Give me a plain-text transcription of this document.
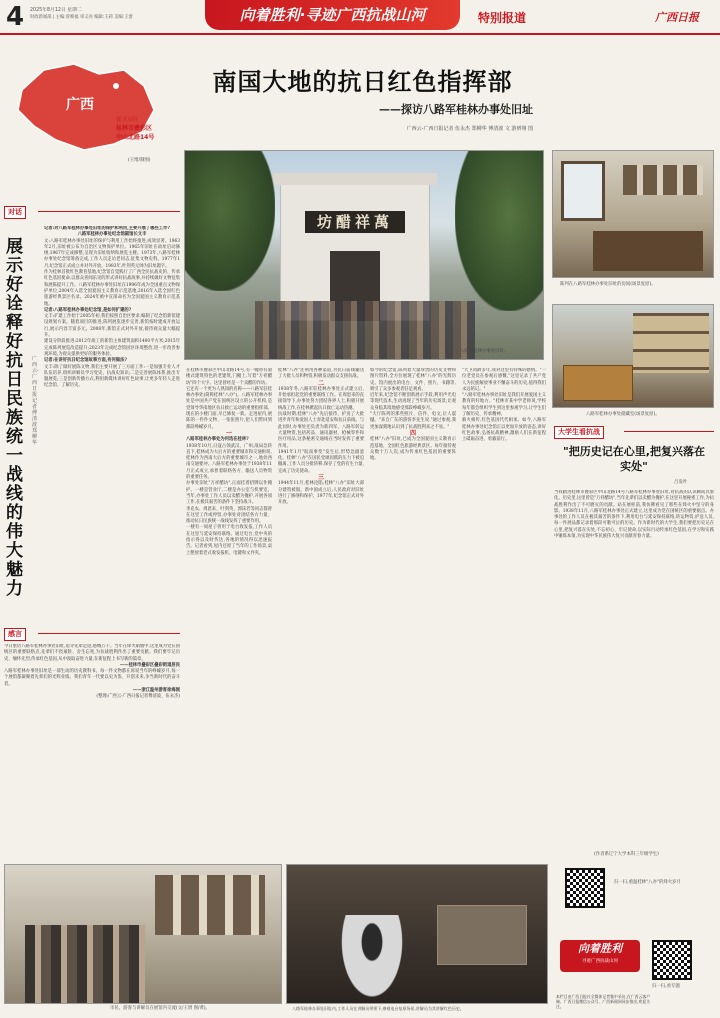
4 2025年8月12日 星期二
时政新闻部 | 主编:曾映福 审义亮 编辑:王莉 美编:王蕾	向着胜利·寻迹广西抗战山河	特别报道	广西日报
广西
探寻点位
桂林市叠彩区
中山北路14号
(王增/制图)
南国大地的抗日红色指挥部
——探访八路军桂林办事处旧址
广西云-广西日报记者 伍永杰 郑柳华 傅清波 文 游赟翔 图
对话
展示好诠释好抗日民族统一战线的伟大魅力
广西云-广西日报记者 傅清波 郑柳华

记者:对八路军桂林办事处旧址的保护和利用,主要开展了哪些工作?

八路军桂林办事处纪念馆副馆长文丰

文:八路军桂林办事处旧址的保护与利用工作始终推进,成效显著。1963年2月,旧址被公布为自治区文物保护单位。1965年旧址在故址启动修缮,1967年完成修整,呈现为旧址收纳和展览主楼。1973年,八路军桂林办事处纪念馆筹备完成,工作人员走访老同志,征集文物史料。1977年1月,纪念馆正式成立并对外开放。1983年,叶剑英元帅为旧址题字。

作为桂林首批红色教育基地,纪念馆自觉践行了广西全民抗战史的、传承红色基因使命,以群众喜闻乐见的形式讲好抗战故事,并持续做好文物征集和展陈提升工作。八路军桂林办事处旧址在1996年成为全国重点文物保护单位,2004年入选全国爱国主义教育示范基地,2016年入选全国红色旅游经典景区名录。2024年被中宣部命名为全国爱国主义教育示范基地。

记者:八路军桂林办事处纪念馆,是如何扩建的?

文丰:扩建工作始于2005年初,我们按照自治区要求,编制了纪念馆新馆建设规划方案。随着项目的推进,陈列展览逐步完善,新馆按时建成开放运行,展示内容丰富多元。2008年,新馆正式对外开放,接待观众量大幅提升。

建设分阶段推进:2012年竣工的新馆主体建筑面积1400平方米;2015年完成陈列展览改造提升;2023年完成纪念馆园区环境整治,进一步改善参观环境,为观众提供更好的服务体验。

记者:在讲好抗日纪念馆故事方面,有何做法?

文丰:除了做好展陈文物,我们主要开展了三方面工作:一是加强专业人才队伍培养,组织讲解员学习党史、抗战史知识;二是完善展陈体系,推出专题展览;三是创新传播方式,利用新媒体讲好红色故事,让更多年轻人走进纪念馆、了解历史。

感言

今日重访八路军桂林办事处旧址,追寻先辈足迹,感慨万千。当年在烽火硝烟中,这里成为党在国统区的重要联络点,先辈们不畏艰险、舍生忘死,为抗战胜利作出了重要贡献。我们要牢记历史、缅怀先烈,传承红色基因,从中汲取奋进力量,在新征程上书写新的篇章。

——桂林市叠彩区叠彩街道居民

八路军桂林办事处旧址是一部生动的历史教科书。每一件文物都在诉说当年的峥嵘岁月,每一个展馆都凝聚着先辈们的光辉业绩。我们青年一代要以史为鉴、开创未来,争当新时代的奋斗者。

——浙江温州游客徐海刚

(整理:广西云-广西日报记者傅清波、伍永杰)

坊醋祥萬
八路军桂林办事处旧址。
陈列在八路军桂林办事处旧址的房间(场景复原)。
八路军桂林办事处储藏室(场景复原)。

在桂林市叠彩区中山北路14号,有一幢带有骑楼式建筑特色的老建筑,门楣上,写着"万祥醋坊"四个大字。这里曾经是一个卖醋的作坊。

它还有一个更为人熟知的名称——八路军驻桂林办事处(简称桂林"八办")。八路军桂林办事处是中国共产党在国统区设立的公开机构,是党领导华南地区抗日救亡运动的重要指挥部。

现在的小楼门面,早已修复一新。走进屋内,展陈的一件件文物、一张张照片,把人们带回到那段峥嵘岁月。

一

八路军桂林办事处为何选在桂林?

1938年10月,日寇占领武汉、广州,战局急转直下,桂林成为大后方的重要城市和交通枢纽,桂林作为西南大后方的重要城市之一,地处西南交通要冲。八路军桂林办事处于1938年11月正式成立,承担着联络各方、输送人员物资的重要任务。

办事处旧址"万祥醋坊",正面挂着招牌以作掩护。一楼是营业厅,二楼是办公室与机要室。当年,办事处工作人员以卖醋为掩护,开展各项工作,在极其艰苦的条件下坚持战斗。

李克农、周恩来、叶剑英、郭沫若等同志都曾在这里工作或停留,办事处对团结各方力量、推动抗日民族统一战线发挥了重要作用。

一楼有一间屋子曾用于电台收发报,工作人员在这里与延安保持联络。通过电台,党中央的指示得以及时传达,各地的情况得以迅速报告。记者看到,屋内还原了当年的工作场景,桌上摆放着老式收发报机、电键和文件夹。

桂林"八办"还利用各种渠道,为抗日前线输送了大批人员和物资,积极发动群众支援抗战。

二

1938年冬,八路军驻桂林办事处正式建立后,开始承担起党的重要联络工作。在周恩来的直接领导下,办事处努力团结各界人士,积极开展统战工作,在桂林掀起抗日救亡运动热潮。

抗战时期,桂林"八办"先后接待、护送了大批进步青年和爱国人士奔赴延安和抗日前线。与此同时,办事处还负责为新四军、八路军转运大量物资,包括药品、通讯器材、枪械零件和医疗用品,这条秘密交通线在当时发挥了重要作用。

1941年1月"皖南事变"发生后,形势急剧恶化。桂林"八办"在国民党顽固派的压力下被迫撤离,工作人员分批转移,保存了党的有生力量,完成了历史使命。

三

1944年11月,桂林沦陷,桂林"八办"旧址大部分建筑被毁。新中国成立后,人民政府对旧址进行了修缮和保护。1977年,纪念馆正式对外开放。

如今的纪念馆,陈列着大量珍贵的历史文物和图片资料,全方位展现了桂林"八办"的光辉历史。馆内展出的电台、文件、照片、书籍等,吸引了众多参观者驻足观看。

近年来,纪念馆不断创新展示手段,利用声光电等现代技术,生动再现了当年的历史场景,让观众身临其境地感受那段峥嵘岁月。

"大厅陈列的那些照片、信件、电文,让人震撼。"来自广东的游客李先生说,"通过参观,我更加深刻地认识到了抗战胜利来之不易。"

四

桂林"八办"旧址,已成为全国爱国主义教育示范基地、全国红色旅游经典景区。每年接待观众数十万人次,成为传承红色基因的重要阵地。

"大卫同龄多年,我对这里有特殊的感情。"一位老党员在参观后感慨,"这里记录了共产党人为民族解放事业不懈奋斗的历史,值得我们永远铭记。"

"八路军桂林办事处旧址是我们开展爱国主义教育的好地方。"桂林市某中学老师说,学校每年都会组织学生到这里参观学习,让学生们了解历史、传承精神。

薪火相传,红色基因代代相承。如今,八路军桂林办事处纪念馆正以更加开放的姿态,讲好红色故事,弘扬抗战精神,激励人们在新征程上砥砺奋进、勇毅前行。

大学生看抗战
"把历史记在心里,把复兴落在实处"
吕发叶
当我踏进桂林市叠彩区中山北路14号八路军桂林办事处旧址,对抗战的认识瞬间具象化。历史里,这里曾是"万祥醋坊",当年先辈们以卖醋为掩护,在这里开展秘密工作,为抗战胜利作出了不可磨灭的贡献。站在展柜前,我仿佛看见了那些在烽火中坚守的身影。1938年11月,八路军桂林办事处正式建立,这里成为党在国统区的重要据点。办事处的工作人员在极其艰苦的条件下,利用电台与延安保持联络,转运物资,护送人员,每一件展品都记录着那段可歌可泣的历史。作为新时代的大学生,我们要把历史记在心里,把复兴落在实处,不忘初心、牢记使命,以实际行动传承红色基因,在学习和实践中锤炼本领,为实现中华民族伟大复兴贡献青春力量。
(作者系辽宁大学本科三年级学生)
市民、游客与讲解员在展馆内交流(文/王增 图/黄)。	八路军桂林办事处旧址内,工作人员在讲解员带领下,参观电台复原场景,讲解员为其讲解红色历史。
扫一扫,重温桂林"八办"的烽火岁月
向着胜利
寻迹广西抗战山河
扫一扫,看专题
本栏目由广西日报社全媒体记者集中采访,在广西云客户端、广西日报微信公众号、广西新闻网同步推出,欢迎关注。
